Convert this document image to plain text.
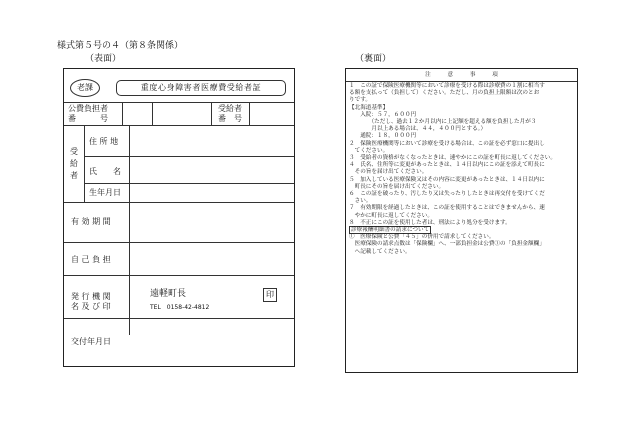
様式第５号の４（第８条関係）
（表面）	（裏面）
老課	重度心身障害者医療費受給者証
公費負担者
番　　　号
受給者
番　号
受
給
者
住 所 地
氏　　名
生年月日
有 効 期 間
自 己 負 担
発 行 機 関
名 及 び 印
遠軽町長
TEL　0158-42-4812
印
交付年月日
注　　　意　　　事　　　項
１　この証で保険医療機関等において診療を受ける際は診療費の１割に相当す
る額を支払って（負担して）ください。ただし、月の負担上限額は次のとお
りです。
【北海道基準】
　　入院：５７，６００円
　　　　（ただし、過去１２か月以内に上記額を超える額を負担した月が３
　　　　月以上ある場合は、４４，４００円とする。）
　　通院：１８，０００円
２　保険医療機関等において診療を受ける場合は、この証を必ず窓口に提出し
　てください。
３　受給者の資格がなくなったときは、速やかにこの証を町長に返してください。
４　氏名、住所等に変更があったときは、１４日以内にこの証を添えて町長に
　その旨を届け出てください。
５　加入している医療保険又はその内容に変更があったときは、１４日以内に
　町長にその旨を届け出てください。
６　この証を破ったり、汚したり又は失ったりしたときは再交付を受けてくだ
　さい。
７　有効期限を経過したときは、この証を使用することはできませんから、速
　やかに町長に返してください。
８　不正にこの証を使用した者は、刑法により処分を受けます。
診療報酬明細書の請求について
①　医療保険と公費「４５」の併用で請求してください。
　医療保険の請求点数は「保険欄」へ、一部負担金は公費①の「負担金額欄」
　へ記載してください。
